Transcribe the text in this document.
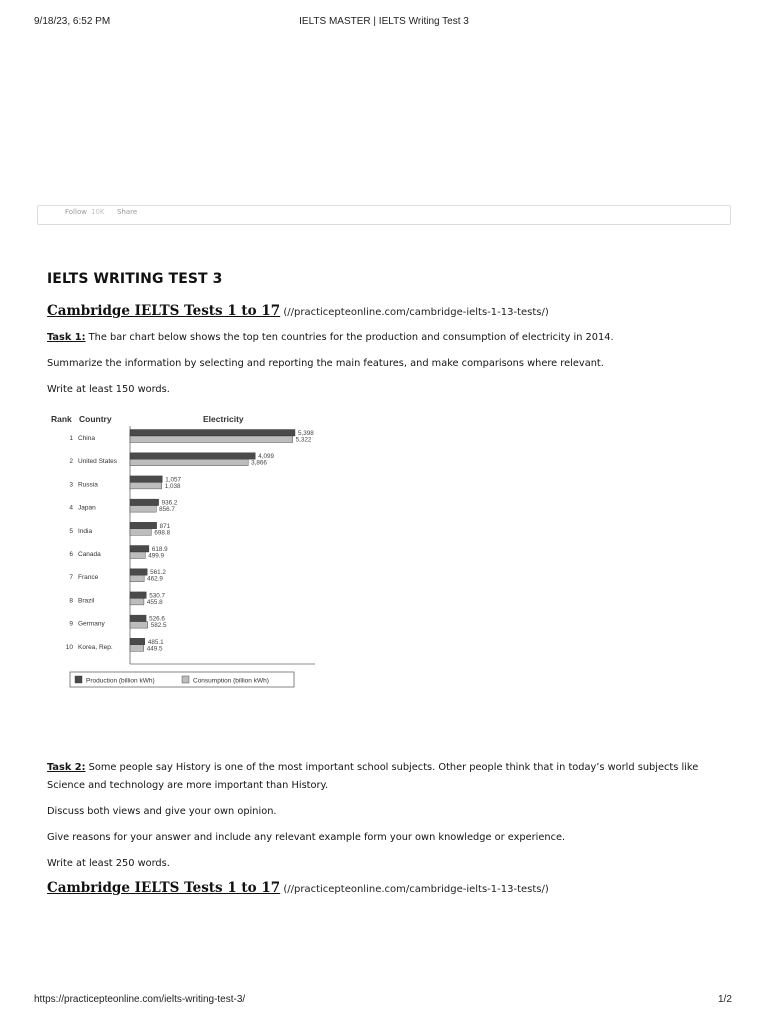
9/18/23, 6:52 PM	IELTS MASTER | IELTS Writing Test 3
Follow 10K Share
IELTS WRITING TEST 3
Cambridge IELTS Tests 1 to 17 (//practicepteonline.com/cambridge-ielts-1-13-tests/)
Task 1: The bar chart below shows the top ten countries for the production and consumption of electricity in 2014.
Summarize the information by selecting and reporting the main features, and make comparisons where relevant.
Write at least 150 words.
Rank Country	Electricity
1 China
5,398
5,322
2 United States
4,099
3,866
3 Russia
1,057
1,038
4 Japan
936.2
856.7
5 India
871
698.8
6 Canada
618.9
499.9
7 France
561.2
462.9
8 Brazil
530.7
455.8
9 Germany
526.6
582.5
10 Korea, Rep.
485.1
449.5
Production (billion kWh)	Consumption (billion kWh)
Task 2: Some people say History is one of the most important school subjects. Other people think that in today’s world subjects like Science and technology are more important than History.
Discuss both views and give your own opinion.
Give reasons for your answer and include any relevant example form your own knowledge or experience.
Write at least 250 words.
Cambridge IELTS Tests 1 to 17 (//practicepteonline.com/cambridge-ielts-1-13-tests/)
https://practicepteonline.com/ielts-writing-test-3/	1/2
